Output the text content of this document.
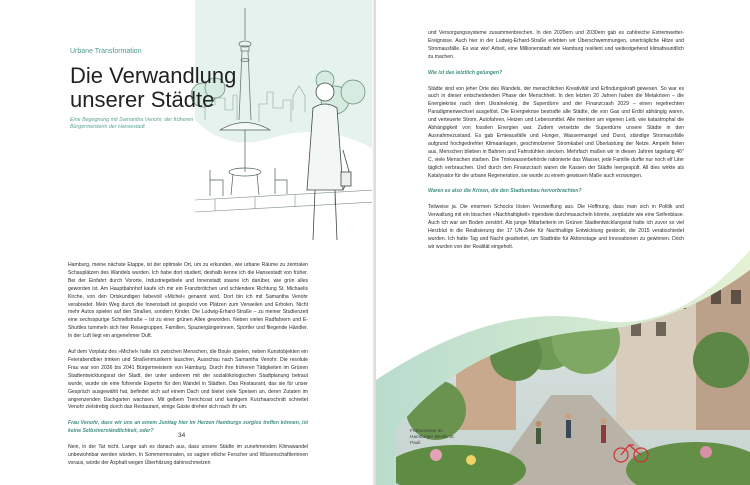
Urbane Transformation
Die Verwandlung unserer Städte
Eine Begegnung mit Samantha Venohr, der früheren Bürgermeisterin der Hansestadt

Hamburg, meine nächste Etappe, ist der optimale Ort, um zu erkunden, wie urbane Räume zu zentralen Schauplätzen des Wandels wurden. Ich habe dort studiert, deshalb kenne ich die Hansestadt von früher. Bei der Einfahrt durch Vororte, Industriegebiete und Innenstadt staune ich darüber, wie grün alles geworden ist. Am Hauptbahnhof kaufe ich mir ein Franzbrötchen und schlendere Richtung St. Michaelis Kirche, von den Ortskundigen liebevoll »Michel« genannt wird. Dort bin ich mit Samantha Venohr verabredet. Mein Weg durch die Innenstadt ist gespickt von Plätzen zum Verweilen und Erholen. Nicht mehr Autos spielen auf den Straßen, sondern Kinder. Die Ludwig-Erhard-Straße – zu meiner Studienzeit eine sechsspurige Schnellstraße – ist zu einer grünen Allee geworden. Neben vielen Radfahrern und E-Shuttles tummeln sich hier Reisegruppen, Familien, Spaziergängerinnen, Sportler und fliegende Händler. In der Luft liegt ein angenehmer Duft.

Auf dem Vorplatz des »Michel« halte ich zwischen Menschen, die Boule spielen, neben Kunstobjekten ein Feierabendbier trinken und Straßenmusikern lauschen, Ausschau nach Samantha Venohr. Die resolute Frau war von 2036 bis 2041 Bürgermeisterin von Hamburg. Durch ihre früheren Tätigkeiten im Grünen Stadtentwicklungsrat der Stadt, der unter anderem mit der sozialökologischen Stadtplanung betraut wurde, wurde sie eine führende Expertin für den Wandel in Städten. Das Restaurant, das sie für unser Gespräch ausgewählt hat, befindet sich auf einem Dach und bietet viele Speisen an, deren Zutaten im angrenzenden Dachgarten wachsen. Mit gelbem Trenchcoat und kantigem Kurzhaarschnitt schreitet Venohr zielstrebig durch das Restaurant, einige Gäste drehen sich nach ihr um.

Frau Venohr, dass wir uns an einem Junitag hier im Herzen Hamburgs sorglos treffen können, ist keine Selbstverständlichkeit, oder?

Nein, in der Tat nicht. Lange sah es danach aus, dass unsere Städte im zunehmenden Klimawandel unbewohnbar werden würden. In Sommermonaten, so sagten etliche Forscher und Wissenschaftlerinnen voraus, würde der Asphalt wegen Überhitzung dahinschmelzen

34

und Versorgungssysteme zusammenbrechen. In den 2020ern und 2030ern gab es zahlreiche Extremwetter-Ereignisse. Auch hier in der Ludwig-Erhard-Straße erlebten wir Überschwemmungen, unerträgliche Hitze und Stromausfälle. Es war wie! Arbeit, eine Millionenstadt wie Hamburg resilient und weitestgehend klimafreundlich zu machen.

Wie ist das letztlich gelungen?

Städte sind von jeher Orte des Wandels, der menschlichen Kreativität und Erfindungskraft gewesen. So war es auch in dieser entscheidenden Phase der Menschheit. In den letzten 20 Jahren haben die Metakrisen – die Energiekrise nach dem Ukrainekrieg, die Superdürre und der Finanzcrash 2029 – einen regelrechten Paradigmenwechsel ausgelöst. Die Energiekrise bestrafte alle Städte, die von Gas und Erdöl abhängig waren, und verteuerte Strom, Autofahren, Heizen und Lebensmittel. Alle merkten am eigenen Leib, wie katastrophal die Abhängigkeit von fossilen Energien war. Zudem versetzte die Superdürre unsere Städte in den Ausnahmezustand. Es gab Ernteausfälle und Hunger, Wassermangel und Durst, ständige Stromausfälle aufgrund hochgedrehter Klimaanlagen, geschmolzener Stromkabel und Überlastung der Netze. Ampeln fielen aus, Menschen blieben in Bahnen und Fahrstühlen stecken. Mehrfach maßen wir in diesen Jahren tagelang 46° C, viele Menschen starben. Die Trinkwasserbehörde rationierte das Wasser, jede Familie durfte nur noch elf Liter täglich verbrauchen. Und durch den Finanzcrash waren die Kassen der Städte leergespült. All dies wirkte als Katalysator für die urbane Regeneration, sie wurde zu einem gewissen Maße auch erzwungen.

Waren es also die Krisen, die den Stadtumbau hervorbrachten?

Teilweise ja. Die enormen Schocks lösten Verzweiflung aus. Die Hoffnung, dass man sich in Politik und Verwaltung mit ein bisschen »Nachhaltigkeit« irgendwie durchmauscheln könnte, zerplatzte wie eine Seifenblase. Auch ich war am Boden zerstört. Als junge Mitarbeiterin im Grünen Stadtentwicklungsrat hatte ich zuvor so viel Herzblut in die Realisierung der 17 UN-Ziele für Nachhaltige Entwicklung gesteckt, die 2015 verabschiedet wurden. Ich hatte Tag und Nacht gearbeitet, um Stadträte für Aktionstage und Innovationen zu gewinnen. Doch wir wurden von der Realität eingeholt.

Frühsommer im Hamburger Bezirk St. Pauli
